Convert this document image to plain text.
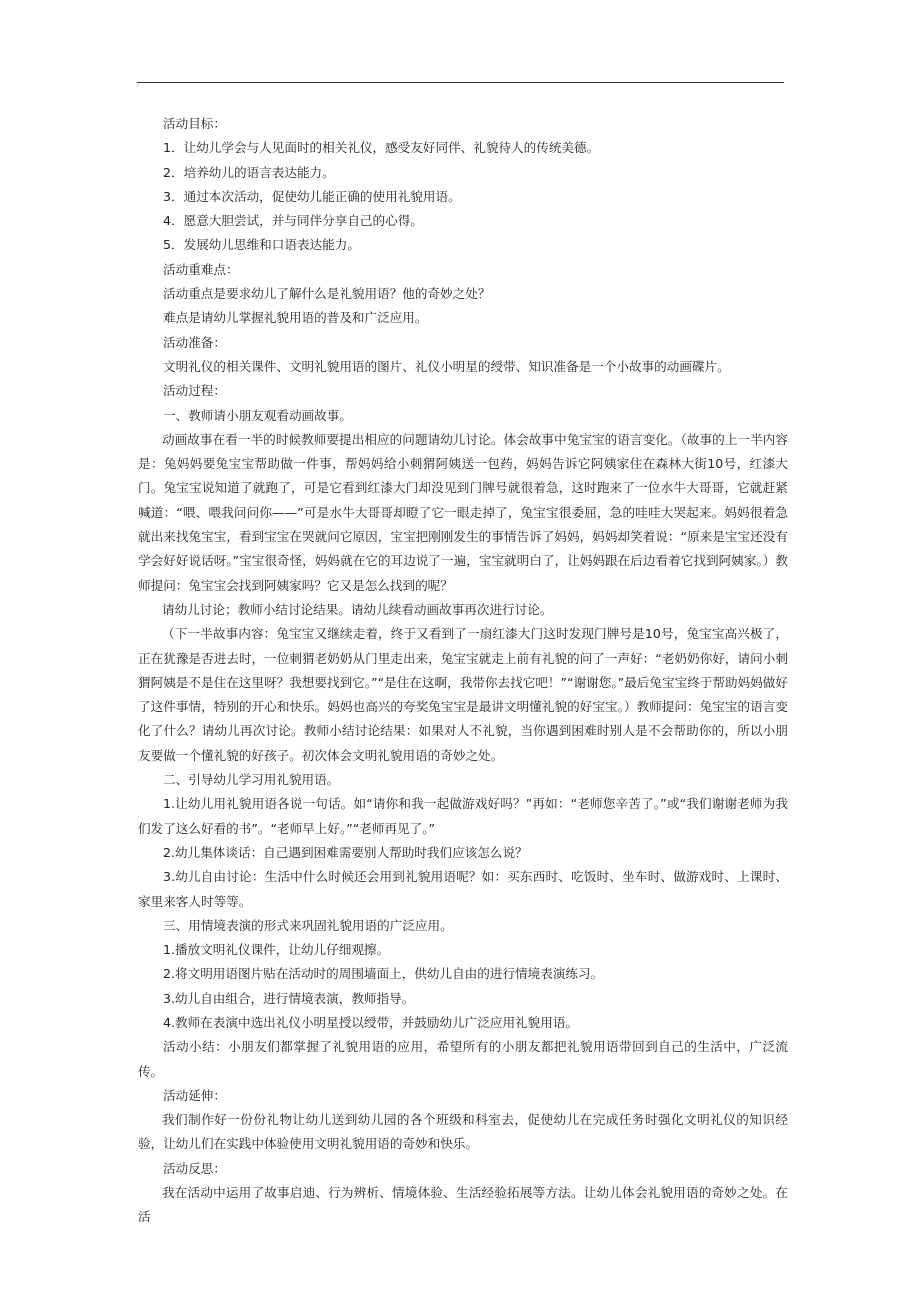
活动目标：

1．让幼儿学会与人见面时的相关礼仪，感受友好同伴、礼貌待人的传统美德。

2．培养幼儿的语言表达能力。

3．通过本次活动，促使幼儿能正确的使用礼貌用语。

4．愿意大胆尝试，并与同伴分享自己的心得。

5．发展幼儿思维和口语表达能力。

活动重难点：

活动重点是要求幼儿了解什么是礼貌用语？他的奇妙之处？

难点是请幼儿掌握礼貌用语的普及和广泛应用。

活动准备：

文明礼仪的相关课件、文明礼貌用语的图片、礼仪小明星的绶带、知识准备是一个小故事的动画碟片。

活动过程：

一、教师请小朋友观看动画故事。

动画故事在看一半的时候教师要提出相应的问题请幼儿讨论。体会故事中兔宝宝的语言变化。（故事的上一半内容是：兔妈妈要兔宝宝帮助做一件事，帮妈妈给小刺猬阿姨送一包药，妈妈告诉它阿姨家住在森林大街10号，红漆大门。兔宝宝说知道了就跑了，可是它看到红漆大门却没见到门牌号就很着急，这时跑来了一位水牛大哥哥，它就赶紧喊道：“喂、喂我问问你——”可是水牛大哥哥却瞪了它一眼走掉了，兔宝宝很委屈，急的哇哇大哭起来。妈妈很着急就出来找兔宝宝，看到宝宝在哭就问它原因，宝宝把刚刚发生的事情告诉了妈妈，妈妈却笑着说：“原来是宝宝还没有学会好好说话呀。”宝宝很奇怪，妈妈就在它的耳边说了一遍，宝宝就明白了，让妈妈跟在后边看着它找到阿姨家。）教师提问：兔宝宝会找到阿姨家吗？它又是怎么找到的呢？

请幼儿讨论；教师小结讨论结果。请幼儿续看动画故事再次进行讨论。

（下一半故事内容：兔宝宝又继续走着，终于又看到了一扇红漆大门这时发现门牌号是10号，兔宝宝高兴极了，正在犹豫是否进去时，一位刺猬老奶奶从门里走出来，兔宝宝就走上前有礼貌的问了一声好：“老奶奶你好，请问小刺猬阿姨是不是住在这里呀？我想要找到它。”“是住在这啊，我带你去找它吧！”“谢谢您。”最后兔宝宝终于帮助妈妈做好了这件事情，特别的开心和快乐。妈妈也高兴的夸奖兔宝宝是最讲文明懂礼貌的好宝宝。）教师提问：兔宝宝的语言变化了什么？请幼儿再次讨论。教师小结讨论结果：如果对人不礼貌，当你遇到困难时别人是不会帮助你的，所以小朋友要做一个懂礼貌的好孩子。初次体会文明礼貌用语的奇妙之处。

二、引导幼儿学习用礼貌用语。

1.让幼儿用礼貌用语各说一句话。如“请你和我一起做游戏好吗？”再如：“老师您辛苦了。”或“我们谢谢老师为我们发了这么好看的书”。“老师早上好。”“老师再见了。”

2.幼儿集体谈话：自己遇到困难需要别人帮助时我们应该怎么说？

3.幼儿自由讨论：生活中什么时候还会用到礼貌用语呢？如：买东西时、吃饭时、坐车时、做游戏时、上课时、家里来客人时等等。

三、用情境表演的形式来巩固礼貌用语的广泛应用。

1.播放文明礼仪课件，让幼儿仔细观擦。

2.将文明用语图片贴在活动时的周围墙面上，供幼儿自由的进行情境表演练习。

3.幼儿自由组合，进行情境表演，教师指导。

4.教师在表演中选出礼仪小明星授以绶带，并鼓励幼儿广泛应用礼貌用语。

活动小结：小朋友们都掌握了礼貌用语的应用，希望所有的小朋友都把礼貌用语带回到自己的生活中，广泛流传。

活动延伸：

我们制作好一份份礼物让幼儿送到幼儿园的各个班级和科室去，促使幼儿在完成任务时强化文明礼仪的知识经验，让幼儿们在实践中体验使用文明礼貌用语的奇妙和快乐。

活动反思：

我在活动中运用了故事启迪、行为辨析、情境体验、生活经验拓展等方法。让幼儿体会礼貌用语的奇妙之处。在活
